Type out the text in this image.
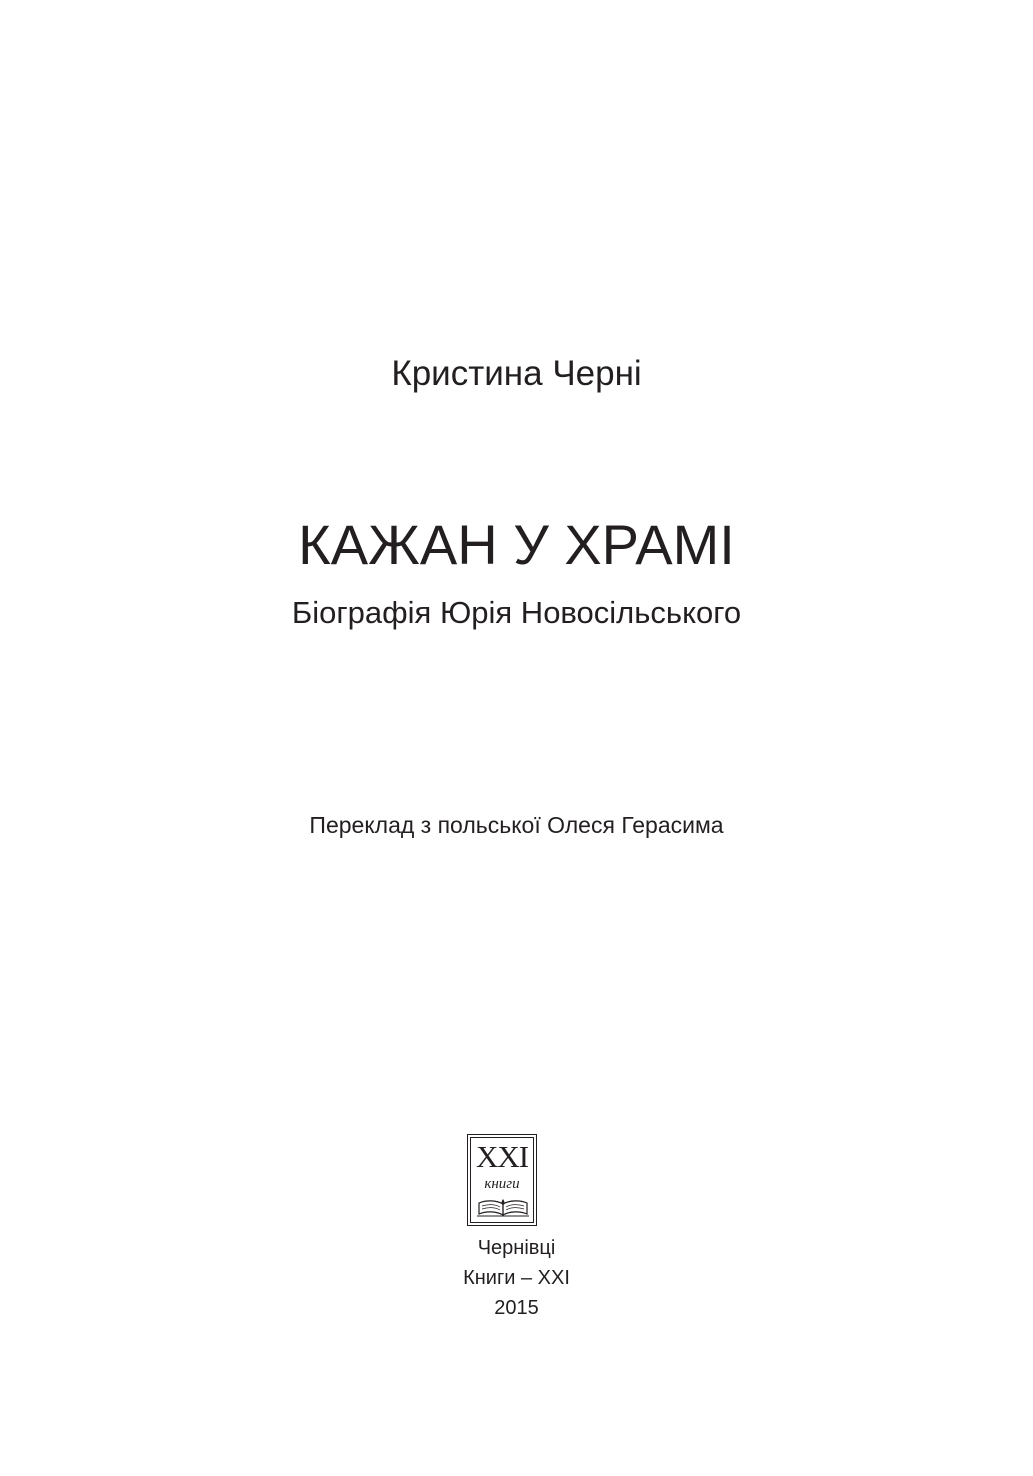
Кристина Черні
КАЖАН У ХРАМІ
Біографія Юрія Новосільського
Переклад з польської Олеся Герасима
XXI
книги
Чернівці
Книги – ХХІ
2015
